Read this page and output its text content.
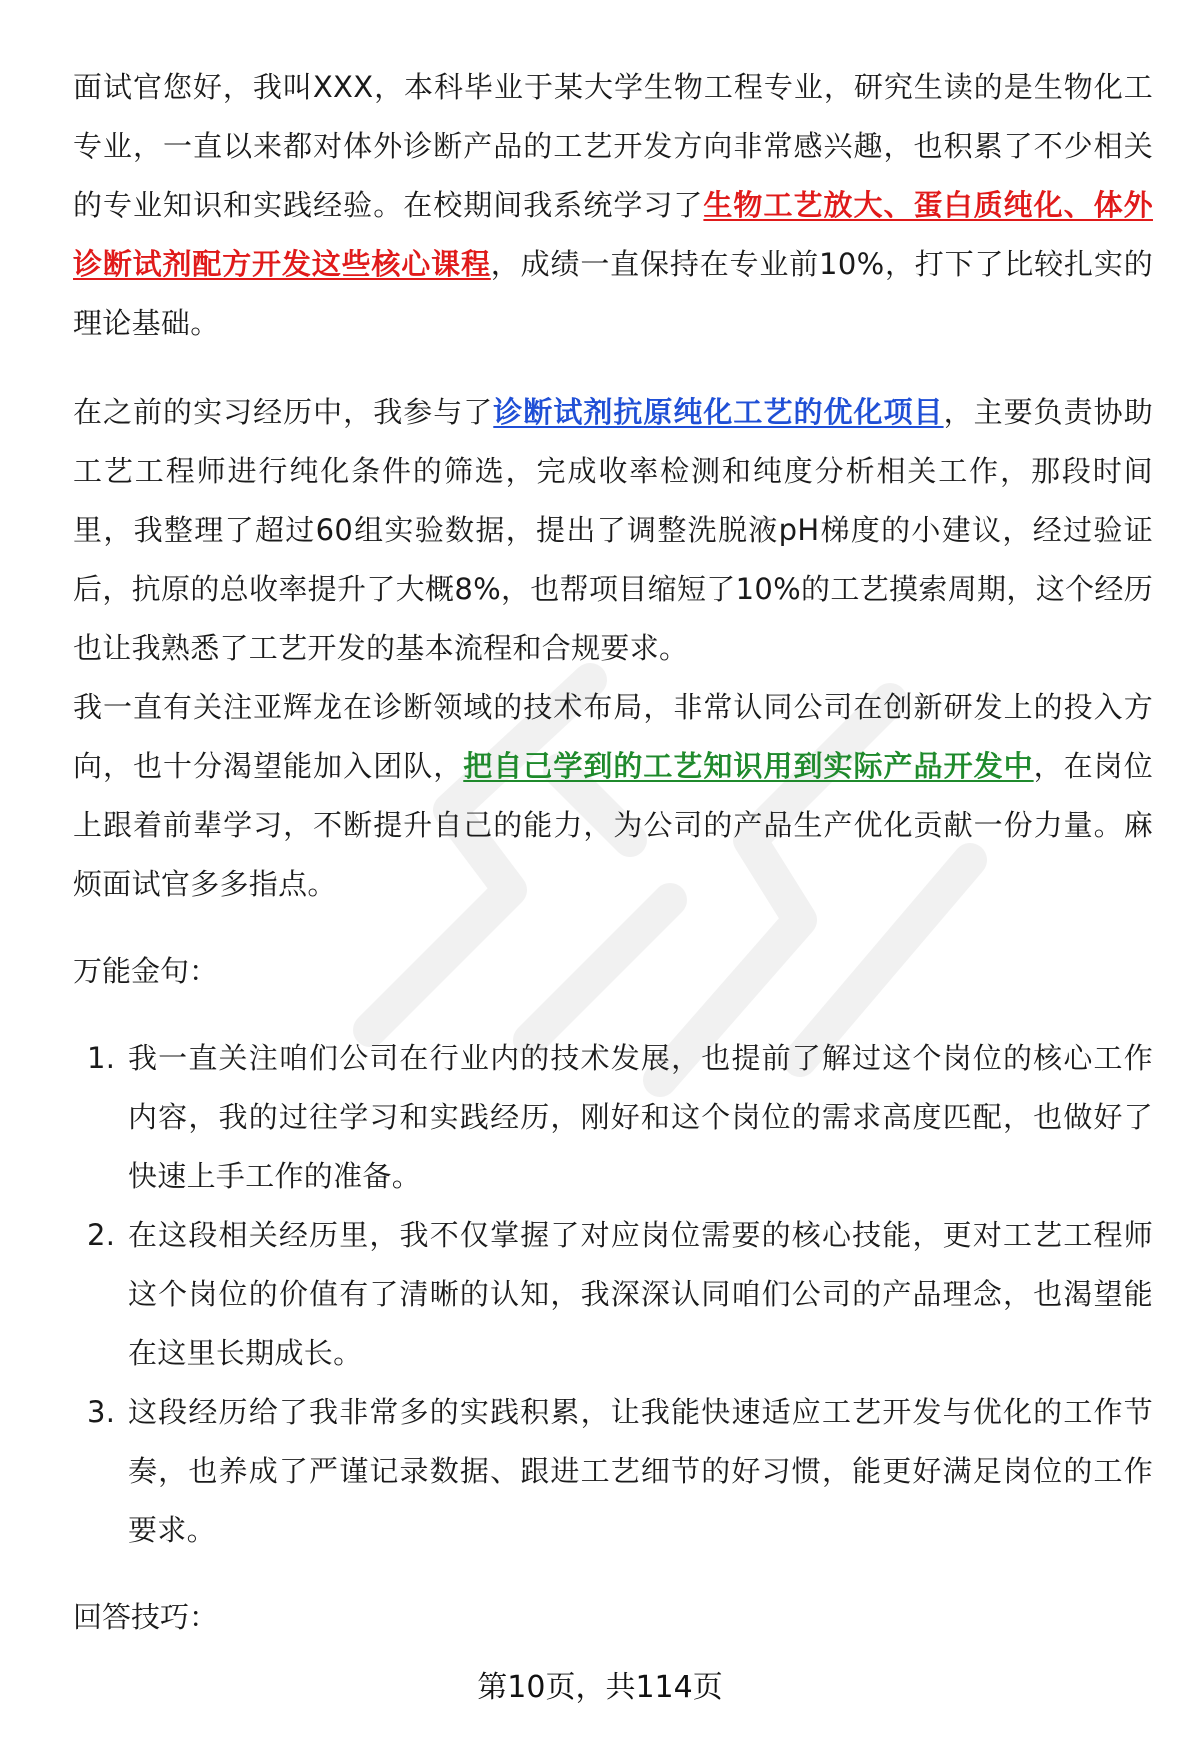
面试官您好，我叫XXX，本科毕业于某大学生物工程专业，研究生读的是生物化工专业，一直以来都对体外诊断产品的工艺开发方向非常感兴趣，也积累了不少相关的专业知识和实践经验。在校期间我系统学习了生物工艺放大、蛋白质纯化、体外诊断试剂配方开发这些核心课程，成绩一直保持在专业前10%，打下了比较扎实的理论基础。

在之前的实习经历中，我参与了诊断试剂抗原纯化工艺的优化项目，主要负责协助工艺工程师进行纯化条件的筛选，完成收率检测和纯度分析相关工作，那段时间里，我整理了超过60组实验数据，提出了调整洗脱液pH梯度的小建议，经过验证后，抗原的总收率提升了大概8%，也帮项目缩短了10%的工艺摸索周期，这个经历也让我熟悉了工艺开发的基本流程和合规要求。

我一直有关注亚辉龙在诊断领域的技术布局，非常认同公司在创新研发上的投入方向，也十分渴望能加入团队，把自己学到的工艺知识用到实际产品开发中，在岗位上跟着前辈学习，不断提升自己的能力，为公司的产品生产优化贡献一份力量。麻烦面试官多多指点。

万能金句：

1. 我一直关注咱们公司在行业内的技术发展，也提前了解过这个岗位的核心工作内容，我的过往学习和实践经历，刚好和这个岗位的需求高度匹配，也做好了快速上手工作的准备。
2. 在这段相关经历里，我不仅掌握了对应岗位需要的核心技能，更对工艺工程师这个岗位的价值有了清晰的认知，我深深认同咱们公司的产品理念，也渴望能在这里长期成长。
3. 这段经历给了我非常多的实践积累，让我能快速适应工艺开发与优化的工作节奏，也养成了严谨记录数据、跟进工艺细节的好习惯，能更好满足岗位的工作要求。

回答技巧：

第10页，共114页
